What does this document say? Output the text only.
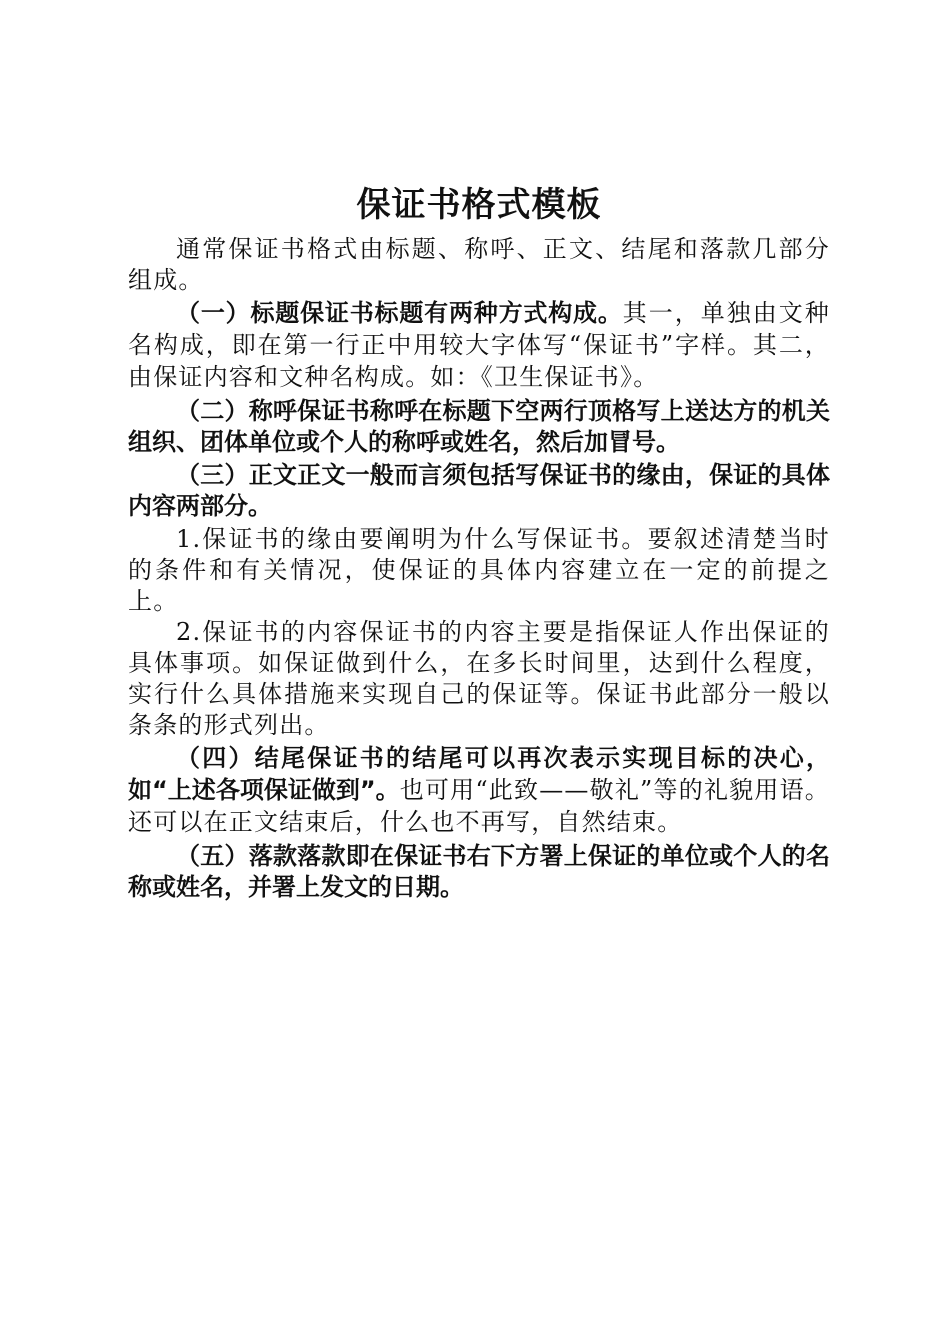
保证书格式模板

通常保证书格式由标题、称呼、正文、结尾和落款几部分组成。

（一）标题保证书标题有两种方式构成。其一，单独由文种名构成，即在第一行正中用较大字体写“保证书”字样。其二，由保证内容和文种名构成。如：《卫生保证书》。

（二）称呼保证书称呼在标题下空两行顶格写上送达方的机关组织、团体单位或个人的称呼或姓名，然后加冒号。

（三）正文正文一般而言须包括写保证书的缘由，保证的具体内容两部分。

1.保证书的缘由要阐明为什么写保证书。要叙述清楚当时的条件和有关情况，使保证的具体内容建立在一定的前提之上。

2.保证书的内容保证书的内容主要是指保证人作出保证的具体事项。如保证做到什么，在多长时间里，达到什么程度，实行什么具体措施来实现自己的保证等。保证书此部分一般以条条的形式列出。

（四）结尾保证书的结尾可以再次表示实现目标的决心，如“上述各项保证做到”。也可用“此致——敬礼”等的礼貌用语。还可以在正文结束后，什么也不再写，自然结束。

（五）落款落款即在保证书右下方署上保证的单位或个人的名称或姓名，并署上发文的日期。
